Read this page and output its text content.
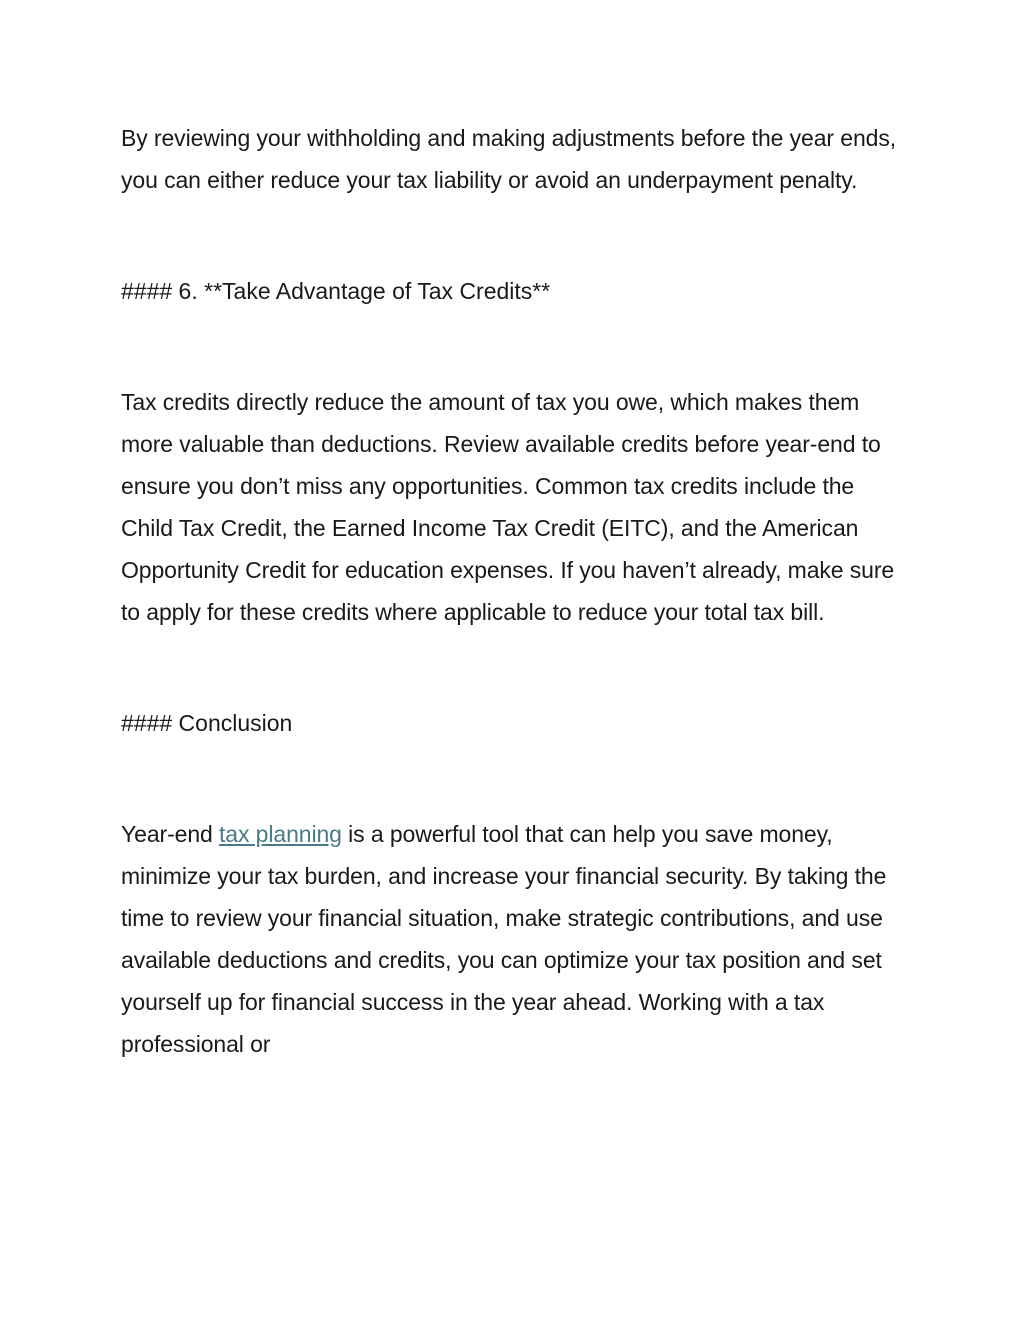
By reviewing your withholding and making adjustments before the year ends, you can either reduce your tax liability or avoid an underpayment penalty.

#### 6. **Take Advantage of Tax Credits**

Tax credits directly reduce the amount of tax you owe, which makes them more valuable than deductions. Review available credits before year-end to ensure you don’t miss any opportunities. Common tax credits include the Child Tax Credit, the Earned Income Tax Credit (EITC), and the American Opportunity Credit for education expenses. If you haven’t already, make sure to apply for these credits where applicable to reduce your total tax bill.

#### Conclusion

Year-end tax planning is a powerful tool that can help you save money, minimize your tax burden, and increase your financial security. By taking the time to review your financial situation, make strategic contributions, and use available deductions and credits, you can optimize your tax position and set yourself up for financial success in the year ahead. Working with a tax professional or
